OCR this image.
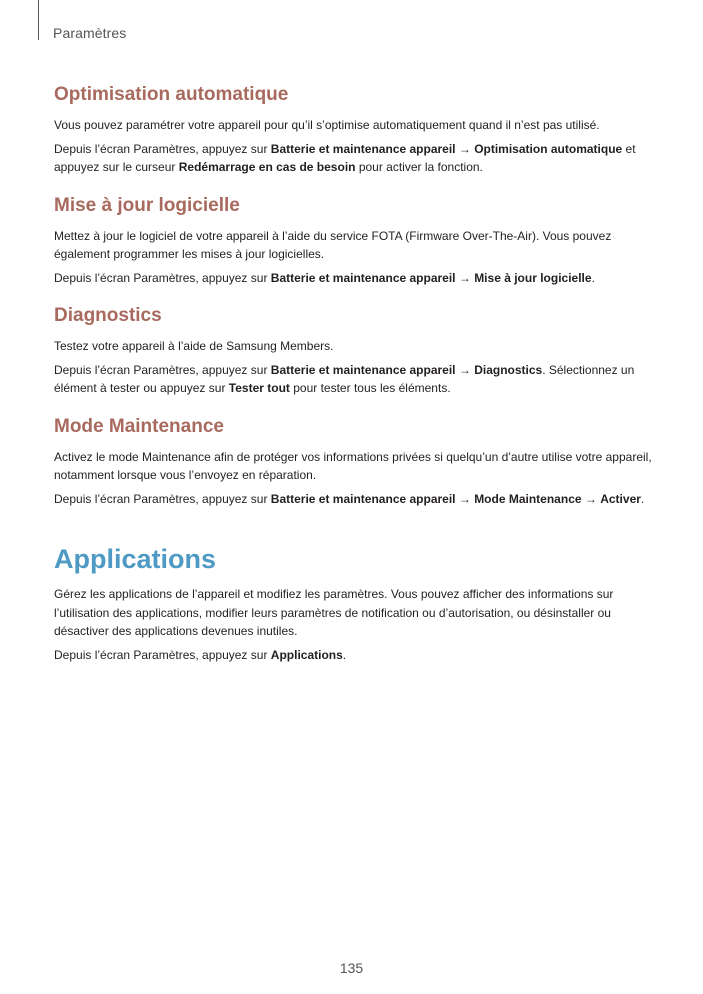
Paramètres
Optimisation automatique

Vous pouvez paramétrer votre appareil pour qu’il s’optimise automatiquement quand il n’est pas utilisé.

Depuis l’écran Paramètres, appuyez sur Batterie et maintenance appareil → Optimisation automatique et appuyez sur le curseur Redémarrage en cas de besoin pour activer la fonction.

Mise à jour logicielle

Mettez à jour le logiciel de votre appareil à l’aide du service FOTA (Firmware Over-The-Air). Vous pouvez également programmer les mises à jour logicielles.

Depuis l’écran Paramètres, appuyez sur Batterie et maintenance appareil → Mise à jour logicielle.

Diagnostics

Testez votre appareil à l’aide de Samsung Members.

Depuis l’écran Paramètres, appuyez sur Batterie et maintenance appareil → Diagnostics. Sélectionnez un élément à tester ou appuyez sur Tester tout pour tester tous les éléments.

Mode Maintenance

Activez le mode Maintenance afin de protéger vos informations privées si quelqu’un d’autre utilise votre appareil, notamment lorsque vous l’envoyez en réparation.

Depuis l’écran Paramètres, appuyez sur Batterie et maintenance appareil → Mode Maintenance → Activer.

Applications

Gérez les applications de l’appareil et modifiez les paramètres. Vous pouvez afficher des informations sur l’utilisation des applications, modifier leurs paramètres de notification ou d’autorisation, ou désinstaller ou désactiver des applications devenues inutiles.

Depuis l’écran Paramètres, appuyez sur Applications.

135
